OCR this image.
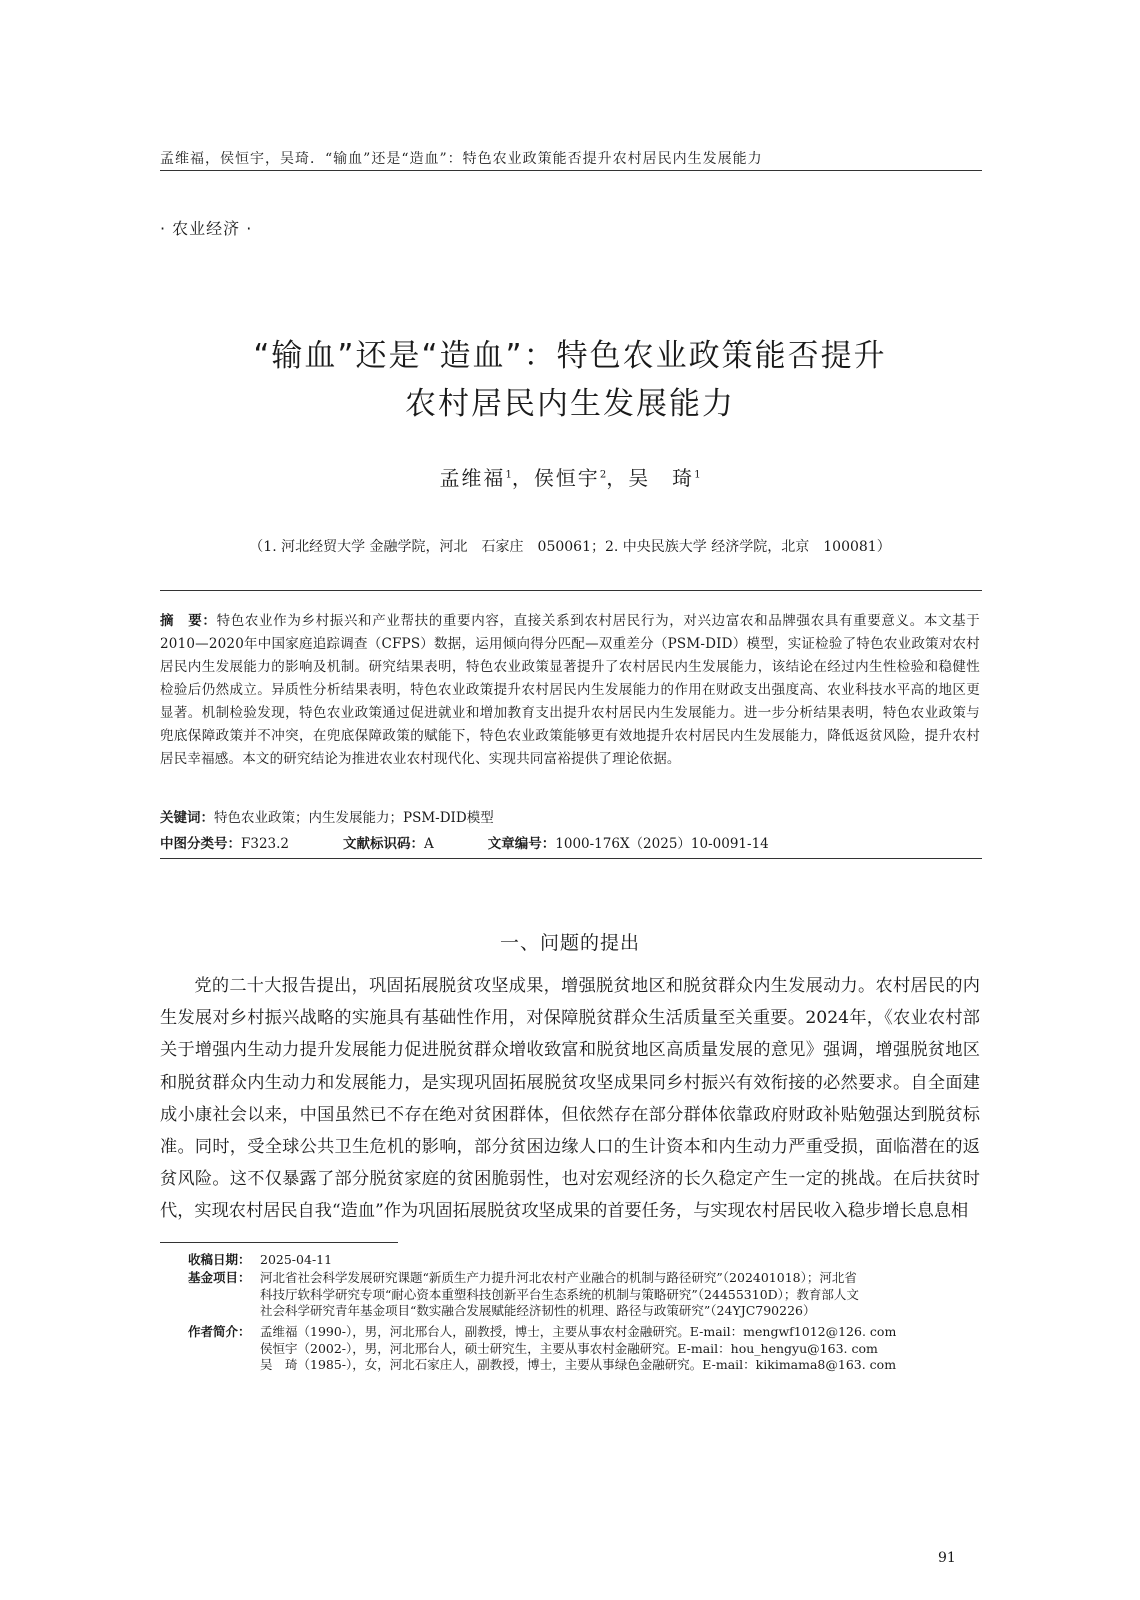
孟维福，侯恒宇，吴琦．“输血”还是“造血”：特色农业政策能否提升农村居民内生发展能力
· 农业经济 ·
“输血”还是“造血”：特色农业政策能否提升
农村居民内生发展能力
孟维福$^1$，侯恒宇$^2$，吴　琦$^1$
（1. 河北经贸大学 金融学院，河北　石家庄　050061；2. 中央民族大学 经济学院，北京　100081）
摘　要：特色农业作为乡村振兴和产业帮扶的重要内容，直接关系到农村居民行为，对兴边富农和品牌强农具有重要意义。本文基于2010—2020年中国家庭追踪调查（CFPS）数据，运用倾向得分匹配—双重差分（PSM-DID）模型，实证检验了特色农业政策对农村居民内生发展能力的影响及机制。研究结果表明，特色农业政策显著提升了农村居民内生发展能力，该结论在经过内生性检验和稳健性检验后仍然成立。异质性分析结果表明，特色农业政策提升农村居民内生发展能力的作用在财政支出强度高、农业科技水平高的地区更显著。机制检验发现，特色农业政策通过促进就业和增加教育支出提升农村居民内生发展能力。进一步分析结果表明，特色农业政策与兜底保障政策并不冲突，在兜底保障政策的赋能下，特色农业政策能够更有效地提升农村居民内生发展能力，降低返贫风险，提升农村居民幸福感。本文的研究结论为推进农业农村现代化、实现共同富裕提供了理论依据。
关键词：特色农业政策；内生发展能力；PSM-DID模型
中图分类号：F323.2	文献标识码：A	文章编号：1000-176X（2025）10-0091-14
一、问题的提出
党的二十大报告提出，巩固拓展脱贫攻坚成果，增强脱贫地区和脱贫群众内生发展动力。农村居民的内生发展对乡村振兴战略的实施具有基础性作用，对保障脱贫群众生活质量至关重要。2024年，《农业农村部关于增强内生动力提升发展能力促进脱贫群众增收致富和脱贫地区高质量发展的意见》强调，增强脱贫地区和脱贫群众内生动力和发展能力，是实现巩固拓展脱贫攻坚成果同乡村振兴有效衔接的必然要求。自全面建成小康社会以来，中国虽然已不存在绝对贫困群体，但依然存在部分群体依靠政府财政补贴勉强达到脱贫标准。同时，受全球公共卫生危机的影响，部分贫困边缘人口的生计资本和内生动力严重受损，面临潜在的返贫风险。这不仅暴露了部分脱贫家庭的贫困脆弱性，也对宏观经济的长久稳定产生一定的挑战。在后扶贫时代，实现农村居民自我“造血”作为巩固拓展脱贫攻坚成果的首要任务，与实现农村居民收入稳步增长息息相
收稿日期： 2025-04-11
基金项目： 河北省社会科学发展研究课题“新质生产力提升河北农村产业融合的机制与路径研究”（202401018）；河北省
科技厅软科学研究专项“耐心资本重塑科技创新平台生态系统的机制与策略研究”（24455310D）；教育部人文
社会科学研究青年基金项目“数实融合发展赋能经济韧性的机理、路径与政策研究”（24YJC790226）
作者简介： 孟维福（1990-），男，河北邢台人，副教授，博士，主要从事农村金融研究。E-mail：mengwf1012@126. com
侯恒宇（2002-），男，河北邢台人，硕士研究生，主要从事农村金融研究。E-mail：hou_hengyu@163. com
吴　琦（1985-），女，河北石家庄人，副教授，博士，主要从事绿色金融研究。E-mail：kikimama8@163. com
91
